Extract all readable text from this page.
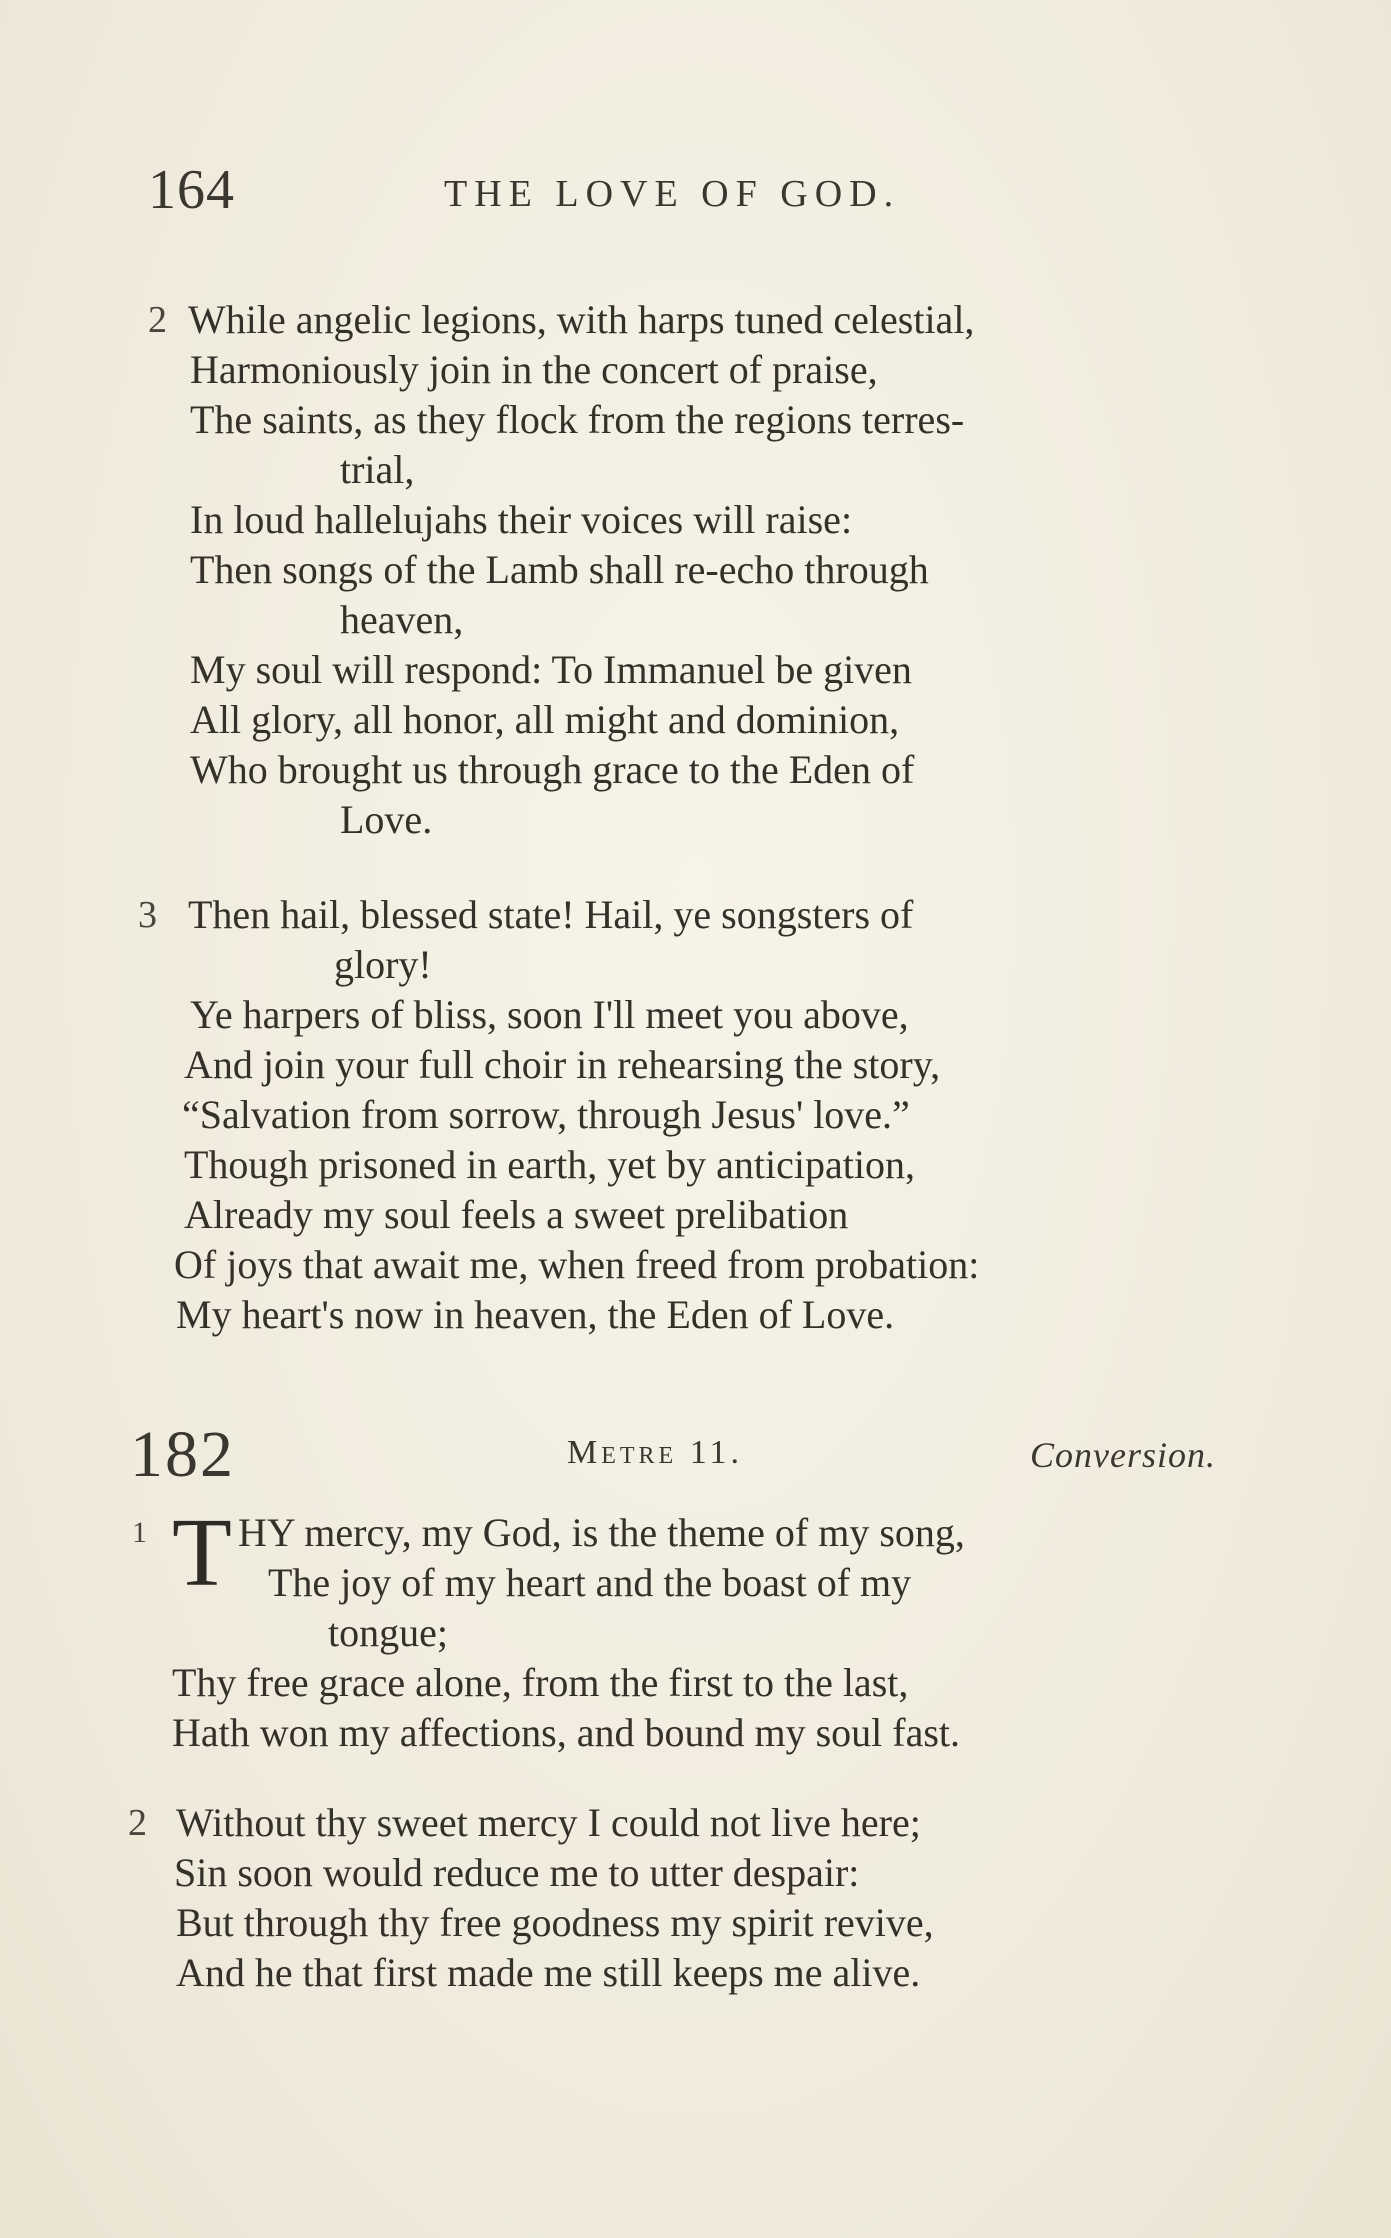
164	THE LOVE OF GOD.
2 While angelic legions, with harps tuned celestial,
Harmoniously join in the concert of praise,
The saints, as they flock from the regions terres-
trial,
In loud hallelujahs their voices will raise:
Then songs of the Lamb shall re-echo through
heaven,
My soul will respond: To Immanuel be given
All glory, all honor, all might and dominion,
Who brought us through grace to the Eden of
Love.
3 Then hail, blessed state! Hail, ye songsters of
glory!
Ye harpers of bliss, soon I'll meet you above,
And join your full choir in rehearsing the story,
“Salvation from sorrow, through Jesus' love.”
Though prisoned in earth, yet by anticipation,
Already my soul feels a sweet prelibation
Of joys that await me, when freed from probation:
My heart's now in heaven, the Eden of Love.
182	Metre 11.	Conversion.
1 T HY mercy, my God, is the theme of my song,
The joy of my heart and the boast of my
tongue;
Thy free grace alone, from the first to the last,
Hath won my affections, and bound my soul fast.
2 Without thy sweet mercy I could not live here;
Sin soon would reduce me to utter despair:
But through thy free goodness my spirit revive,
And he that first made me still keeps me alive.
